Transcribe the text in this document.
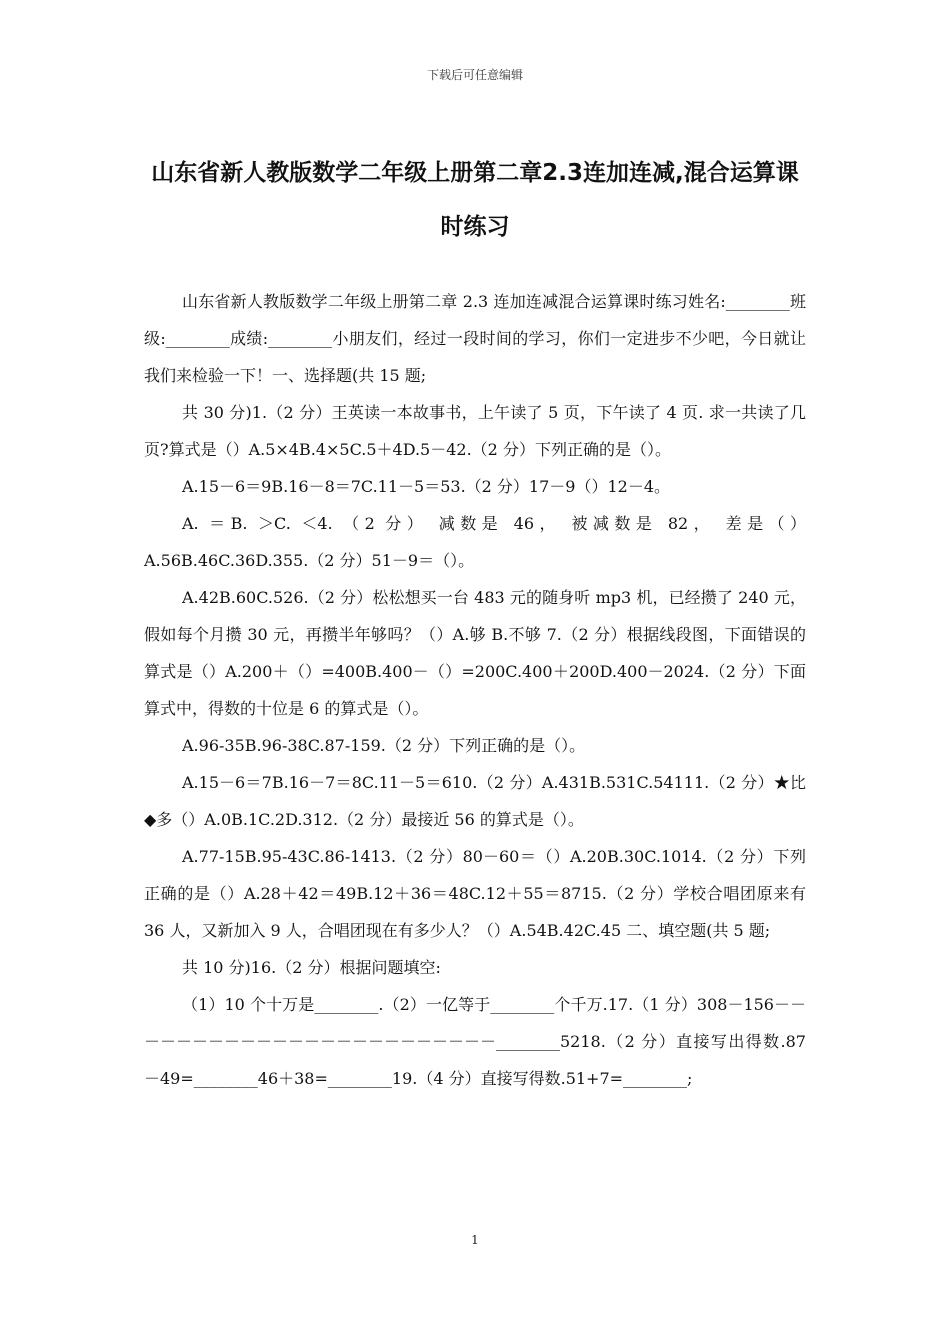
下载后可任意编辑
山东省新人教版数学二年级上册第二章2.3连加连减,混合运算课时练习

山东省新人教版数学二年级上册第二章 2.3 连加连减混合运算课时练习姓名:________班级:________成绩:________小朋友们，经过一段时间的学习，你们一定进步不少吧，今日就让我们来检验一下！一、选择题(共 15 题;

共 30 分)1.（2 分）王英读一本故事书，上午读了 5 页，下午读了 4 页. 求一共读了几页?算式是（）A.5×4B.4×5C.5＋4D.5－42.（2 分）下列正确的是（）。

A.15－6＝9B.16－8＝7C.11－5＝53.（2 分）17－9（）12－4。

A. ＝B. ＞C. ＜4. （2 分） 减数是 46， 被减数是 82， 差是（）A.56B.46C.36D.355.（2 分）51－9＝（）。

A.42B.60C.526.（2 分）松松想买一台 483 元的随身听 mp3 机，已经攒了 240 元，假如每个月攒 30 元，再攒半年够吗？（）A.够 B.不够 7.（2 分）根据线段图，下面错误的算式是（）A.200＋（）=400B.400－（）=200C.400＋200D.400－2024.（2 分）下面算式中，得数的十位是 6 的算式是（）。

A.96-35B.96-38C.87-159.（2 分）下列正确的是（）。

A.15－6＝7B.16－7＝8C.11－5＝610.（2 分）A.431B.531C.54111.（2 分）★比◆多（）A.0B.1C.2D.312.（2 分）最接近 56 的算式是（）。

A.77-15B.95-43C.86-1413.（2 分）80－60＝（）A.20B.30C.1014.（2 分）下列正确的是（）A.28＋42＝49B.12＋36＝48C.12＋55＝8715.（2 分）学校合唱团原来有 36 人，又新加入 9 人，合唱团现在有多少人？（）A.54B.42C.45 二、填空题(共 5 题;

共 10 分)16.（2 分）根据问题填空:

（1）10 个十万是________.（2）一亿等于________个千万.17.（1 分）308－156－－－－－－－－－－－－－－－－－－－－－－－－________5218.（2 分）直接写出得数.87－49=________46＋38=________19.（4 分）直接写得数.51+7=________;

1
